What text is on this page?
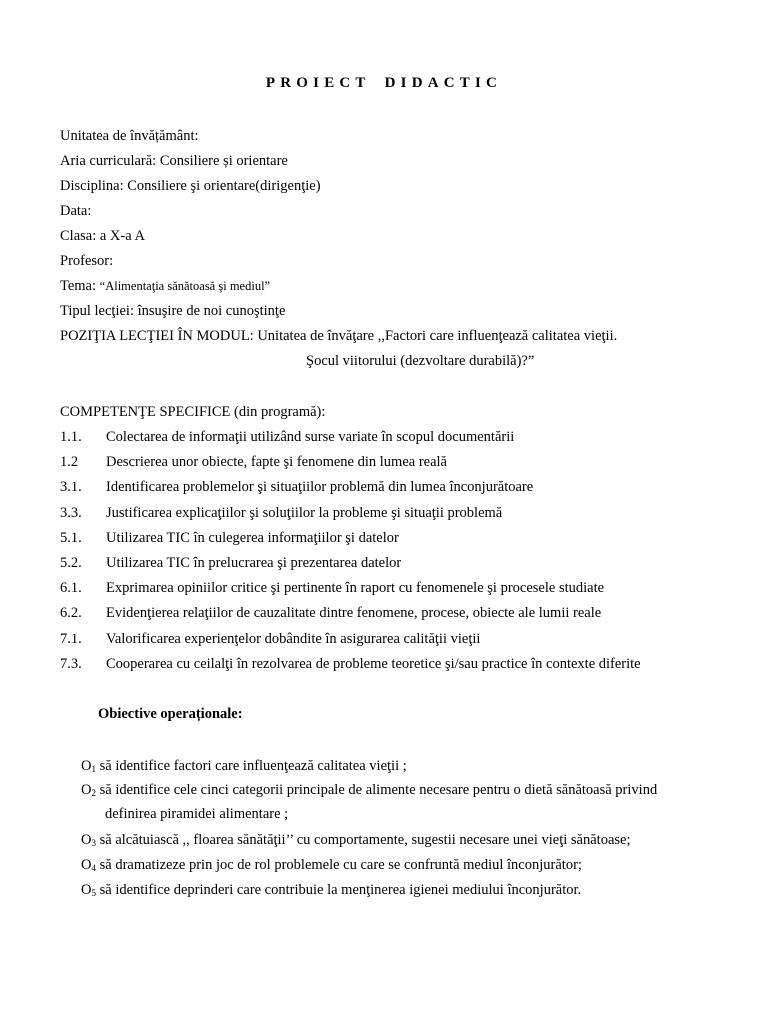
PROIECT DIDACTIC
Unitatea de învățământ:
Aria curriculară: Consiliere și orientare
Disciplina: Consiliere şi orientare(dirigenţie)
Data:
Clasa: a X-a A
Profesor:
Tema: “Alimentaţia sănătoasă şi mediul”
Tipul lecţiei: însuşire de noi cunoştinţe
POZIŢIA LECŢIEI ÎN MODUL: Unitatea de învăţare ,,Factori care influenţează calitatea vieţii.
Şocul viitorului (dezvoltare durabilă)?”
COMPETENŢE SPECIFICE (din programă):
1.1. Colectarea de informaţii utilizând surse variate în scopul documentării
1.2 Descrierea unor obiecte, fapte şi fenomene din lumea reală
3.1. Identificarea problemelor şi situaţiilor problemă din lumea înconjurătoare
3.3. Justificarea explicaţiilor şi soluţiilor la probleme şi situaţii problemă
5.1. Utilizarea TIC în culegerea informaţiilor şi datelor
5.2. Utilizarea TIC în prelucrarea şi prezentarea datelor
6.1. Exprimarea opiniilor critice şi pertinente în raport cu fenomenele şi procesele studiate
6.2. Evidenţierea relaţiilor de cauzalitate dintre fenomene, procese, obiecte ale lumii reale
7.1. Valorificarea experienţelor dobândite în asigurarea calităţii vieţii
7.3. Cooperarea cu ceilalţi în rezolvarea de probleme teoretice şi/sau practice în contexte diferite
Obiective operaționale:
$O_1$ să identifice factori care influenţează calitatea vieţii ;
$O_2$ să identifice cele cinci categorii principale de alimente necesare pentru o dietă sănătoasă privind
definirea piramidei alimentare ;
$O_3$ să alcătuiască ,, floarea sănătăţii’’ cu comportamente, sugestii necesare unei vieţi sănătoase;
$O_4$ să dramatizeze prin joc de rol problemele cu care se confruntă mediul înconjurător;
$O_5$ să identifice deprinderi care contribuie la menţinerea igienei mediului înconjurător.
